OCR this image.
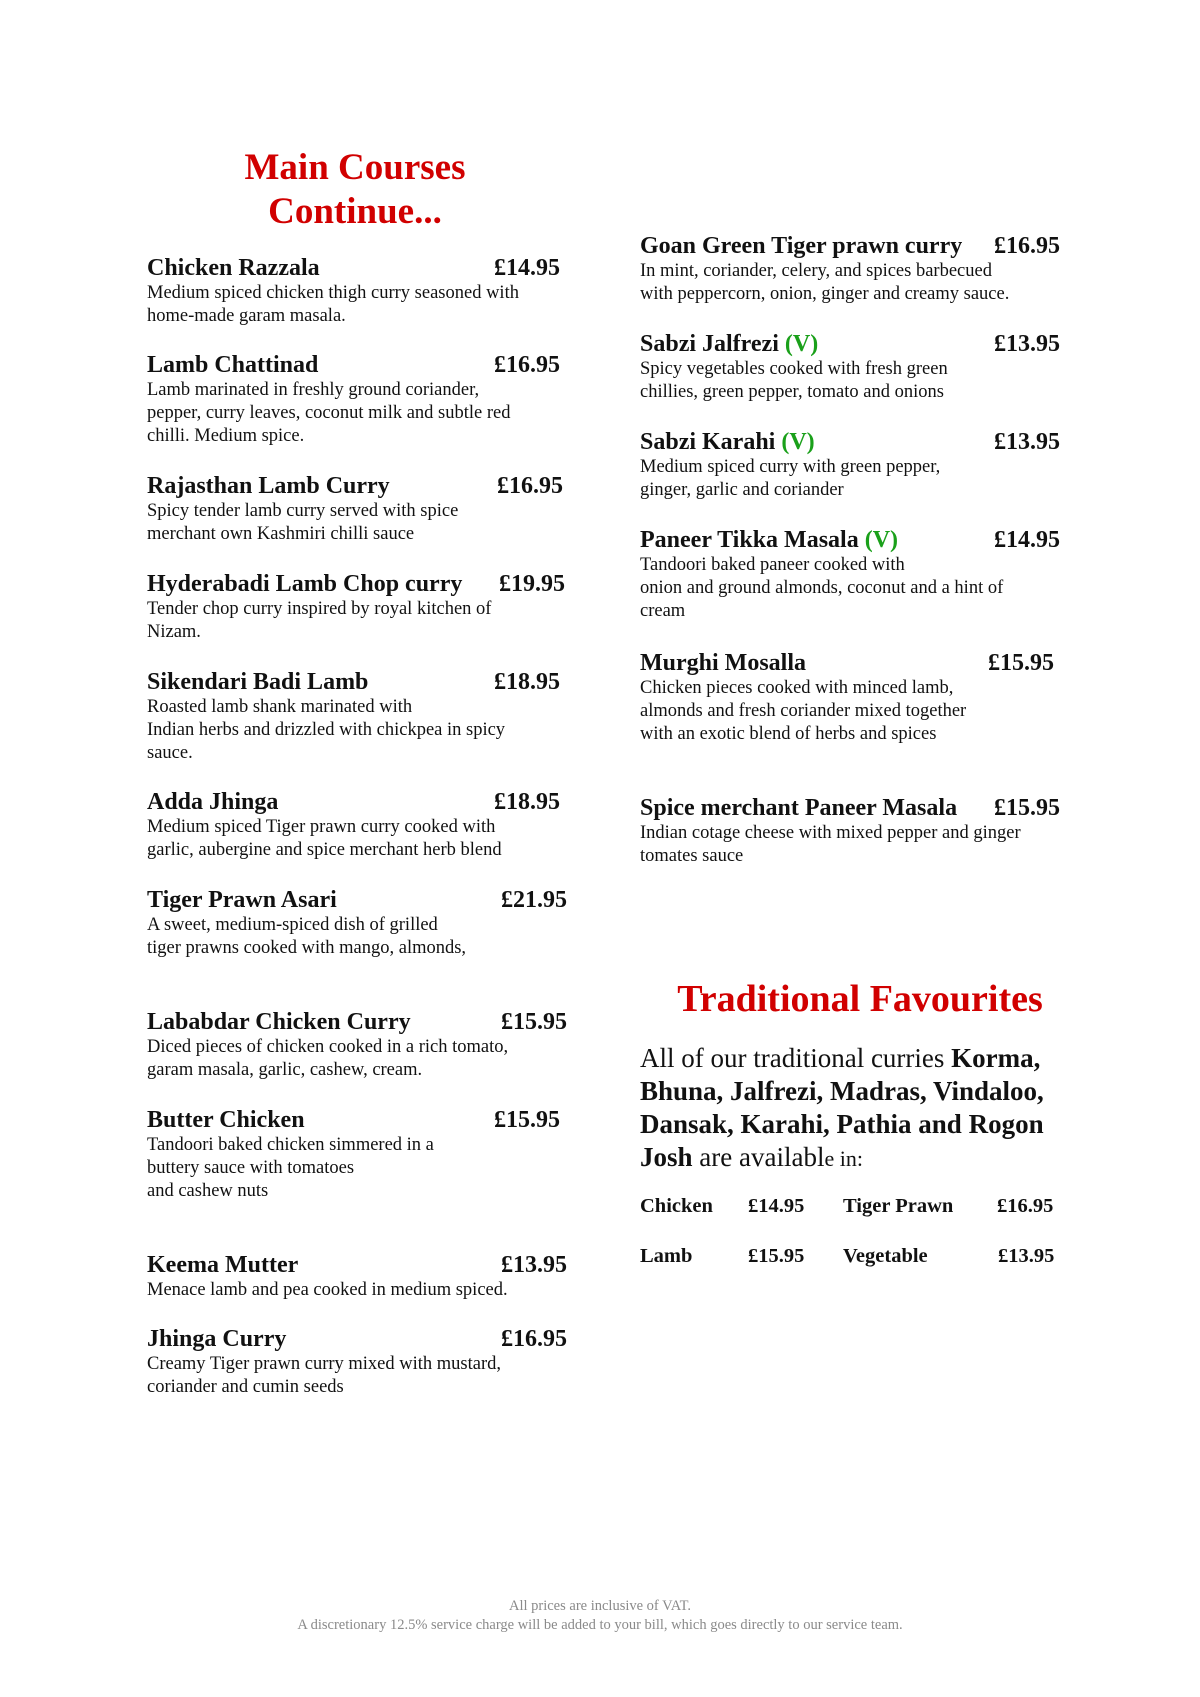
Main Courses
Continue...
Chicken Razzala	£14.95
Medium spiced chicken thigh curry seasoned with
home-made garam masala.
Lamb Chattinad	£16.95
Lamb marinated in freshly ground coriander,
pepper, curry leaves, coconut milk and subtle red
chilli. Medium spice.
Rajasthan Lamb Curry	£16.95
Spicy tender lamb curry served with spice
merchant own Kashmiri chilli sauce
Hyderabadi Lamb Chop curry £19.95
Tender chop curry inspired by royal kitchen of
Nizam.
Sikendari Badi Lamb	£18.95
Roasted lamb shank marinated with
Indian herbs and drizzled with chickpea in spicy
sauce.
Adda Jhinga	£18.95
Medium spiced Tiger prawn curry cooked with
garlic, aubergine and spice merchant herb blend
Tiger Prawn Asari	£21.95
A sweet, medium-spiced dish of grilled
tiger prawns cooked with mango, almonds,
Lababdar Chicken Curry	£15.95
Diced pieces of chicken cooked in a rich tomato,
garam masala, garlic, cashew, cream.
Butter Chicken	£15.95
Tandoori baked chicken simmered in a
buttery sauce with tomatoes
and cashew nuts
Keema Mutter	£13.95
Menace lamb and pea cooked in medium spiced.
Jhinga Curry	£16.95
Creamy Tiger prawn curry mixed with mustard,
coriander and cumin seeds
Goan Green Tiger prawn curry £16.95
In mint, coriander, celery, and spices barbecued
with peppercorn, onion, ginger and creamy sauce.
Sabzi Jalfrezi (V)	£13.95
Spicy vegetables cooked with fresh green
chillies, green pepper, tomato and onions
Sabzi Karahi (V)	£13.95
Medium spiced curry with green pepper,
ginger, garlic and coriander
Paneer Tikka Masala (V)	£14.95
Tandoori baked paneer cooked with
onion and ground almonds, coconut and a hint of
cream
Murghi Mosalla	£15.95
Chicken pieces cooked with minced lamb,
almonds and fresh coriander mixed together
with an exotic blend of herbs and spices
Spice merchant Paneer Masala £15.95
Indian cotage cheese with mixed pepper and ginger
tomates sauce
Traditional Favourites
All of our traditional curries Korma, Bhuna, Jalfrezi, Madras, Vindaloo, Dansak, Karahi, Pathia and Rogon Josh are available in:
Chicken £14.95 Tiger Prawn £16.95
Lamb	£15.95 Vegetable	£13.95
All prices are inclusive of VAT.
A discretionary 12.5% service charge will be added to your bill, which goes directly to our service team.
